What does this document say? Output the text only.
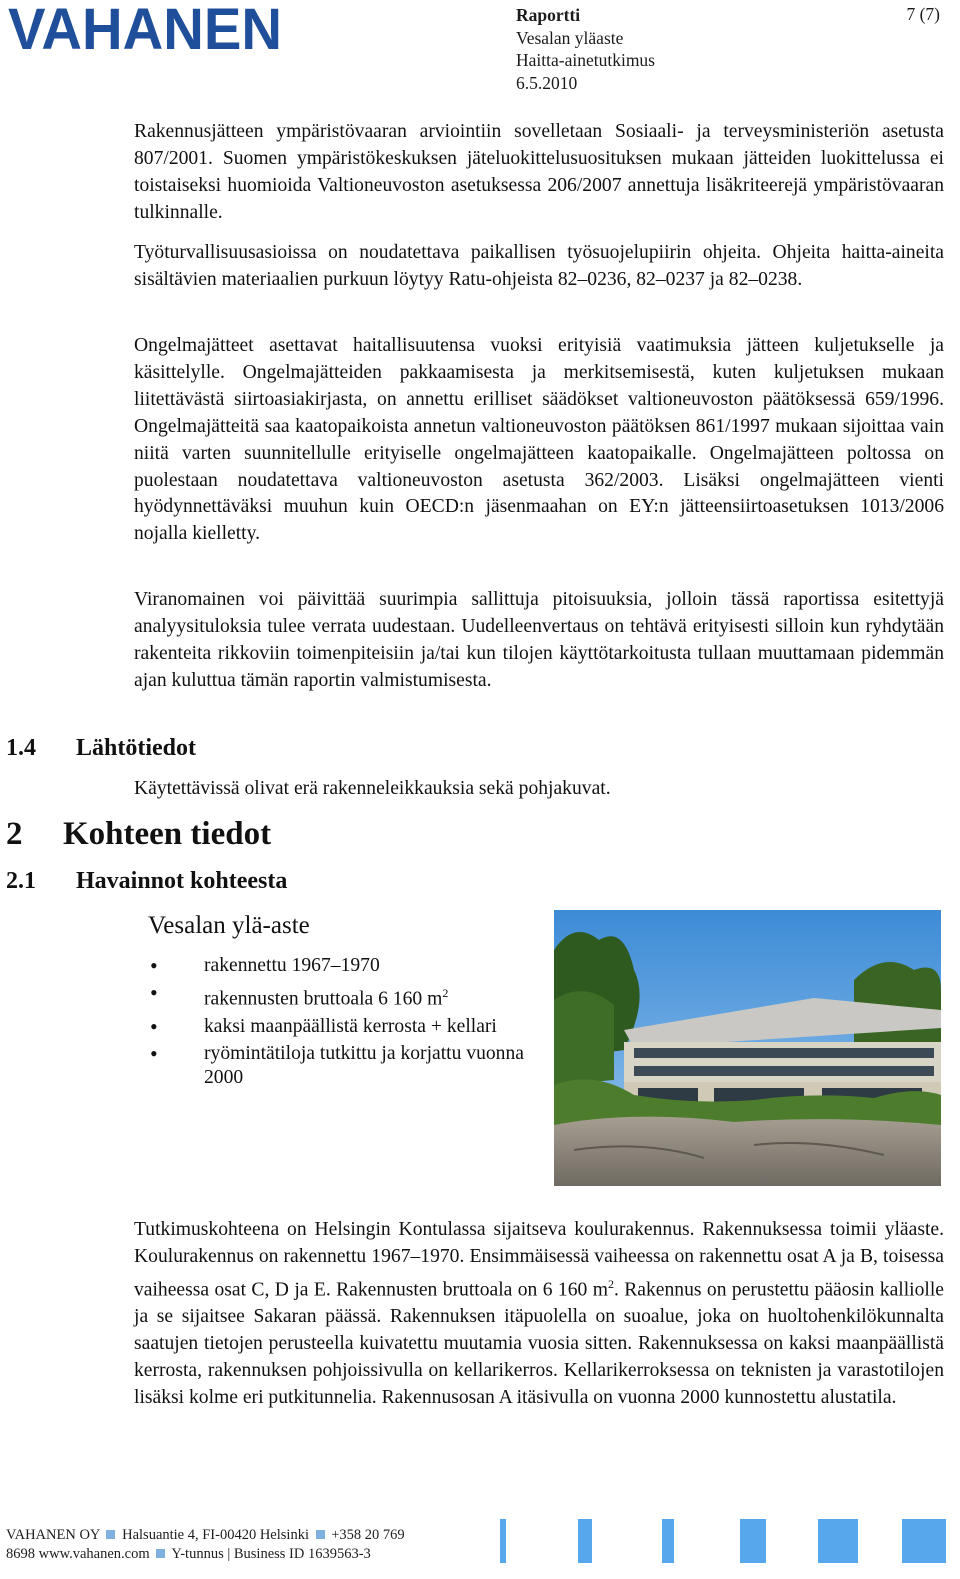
VAHANEN	Raportti
Vesalan yläaste
Haitta-ainetutkimus
6.5.2010
7 (7)

Rakennusjätteen ympäristövaaran arviointiin sovelletaan Sosiaali- ja terveysministeriön asetusta 807/2001. Suomen ympäristökeskuksen jäteluokittelusuosituksen mukaan jätteiden luokittelussa ei toistaiseksi huomioida Valtioneuvoston asetuksessa 206/2007 annettuja lisäkriteerejä ympäristövaaran tulkinnalle.

Työturvallisuusasioissa on noudatettava paikallisen työsuojelupiirin ohjeita. Ohjeita haitta-aineita sisältävien materiaalien purkuun löytyy Ratu-ohjeista 82–0236, 82–0237 ja 82–0238.

Ongelmajätteet asettavat haitallisuutensa vuoksi erityisiä vaatimuksia jätteen kuljetukselle ja käsittelylle. Ongelmajätteiden pakkaamisesta ja merkitsemisestä, kuten kuljetuksen mukaan liitettävästä siirtoasiakirjasta, on annettu erilliset säädökset valtioneuvoston päätöksessä 659/1996. Ongelmajätteitä saa kaatopaikoista annetun valtioneuvoston päätöksen 861/1997 mukaan sijoittaa vain niitä varten suunnitellulle erityiselle ongelmajätteen kaatopaikalle. Ongelmajätteen poltossa on puolestaan noudatettava valtioneuvoston asetusta 362/2003. Lisäksi ongelmajätteen vienti hyödynnettäväksi muuhun kuin OECD:n jäsenmaahan on EY:n jätteensiirtoasetuksen 1013/2006 nojalla kielletty.

Viranomainen voi päivittää suurimpia sallittuja pitoisuuksia, jolloin tässä raportissa esitettyjä analyysituloksia tulee verrata uudestaan. Uudelleenvertaus on tehtävä erityisesti silloin kun ryhdytään rakenteita rikkoviin toimenpiteisiin ja/tai kun tilojen käyttötarkoitusta tullaan muuttamaan pidemmän ajan kuluttua tämän raportin valmistumisesta.

1.4 Lähtötiedot

Käytettävissä olivat erä rakenneleikkauksia sekä pohjakuvat.

2 Kohteen tiedot
2.1 Havainnot kohteesta
Vesalan ylä-aste
• rakennettu 1967–1970
• rakennusten bruttoala 6 160 $m^2$
• kaksi maanpäällistä kerrosta + kellari
• ryömintätiloja tutkittu ja korjattu vuonna 2000

Tutkimuskohteena on Helsingin Kontulassa sijaitseva koulurakennus. Rakennuksessa toimii yläaste. Koulurakennus on rakennettu 1967–1970. Ensimmäisessä vaiheessa on rakennettu osat A ja B, toisessa vaiheessa osat C, D ja E. Rakennusten bruttoala on 6 160 $m^2$. Rakennus on perustettu pääosin kalliolle ja se sijaitsee Sakaran päässä. Rakennuksen itäpuolella on suoalue, joka on huoltohenkilökunnalta saatujen tietojen perusteella kuivatettu muutamia vuosia sitten. Rakennuksessa on kaksi maanpäällistä kerrosta, rakennuksen pohjoissivulla on kellarikerros. Kellarikerroksessa on teknisten ja varastotilojen lisäksi kolme eri putkitunnelia. Rakennusosan A itäsivulla on vuonna 2000 kunnostettu alustatila.

VAHANEN OY Halsuantie 4, FI-00420 Helsinki +358 20 769
8698 www.vahanen.com Y-tunnus | Business ID 1639563-3
